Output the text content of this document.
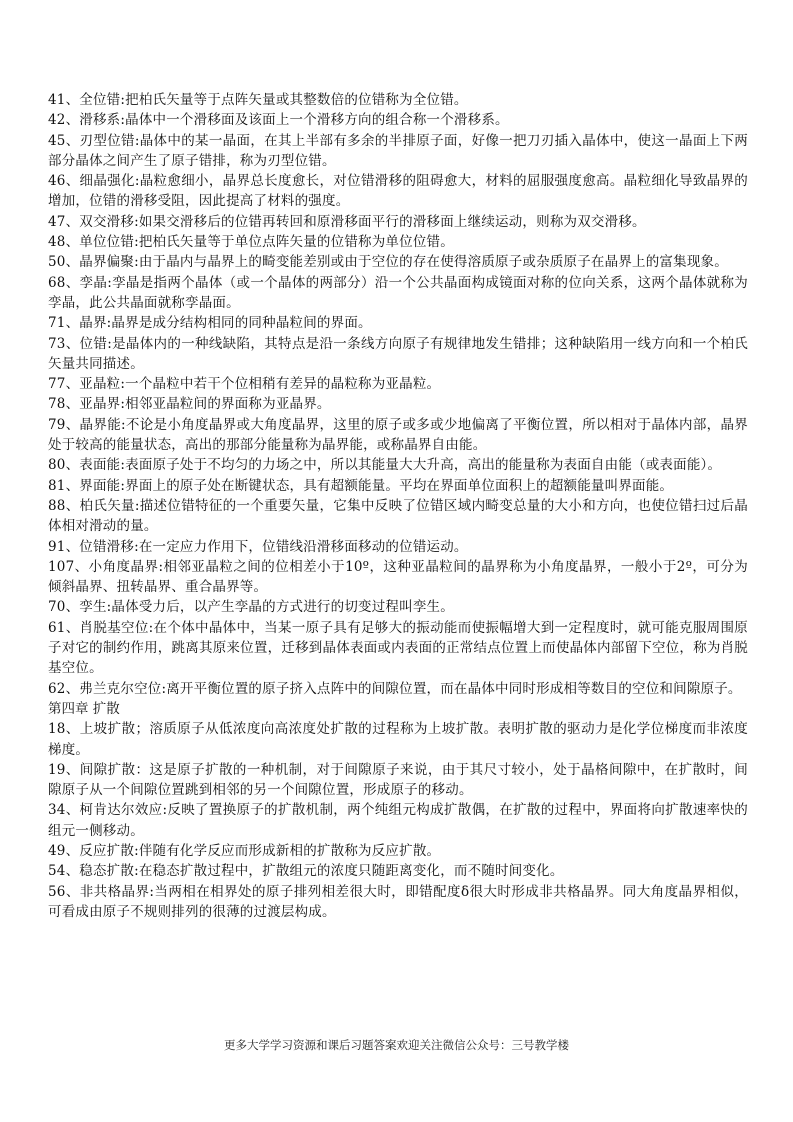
41、全位错:把柏氏矢量等于点阵矢量或其整数倍的位错称为全位错。

42、滑移系:晶体中一个滑移面及该面上一个滑移方向的组合称一个滑移系。

45、刃型位错:晶体中的某一晶面，在其上半部有多余的半排原子面，好像一把刀刃插入晶体中，使这一晶面上下两部分晶体之间产生了原子错排，称为刃型位错。

46、细晶强化:晶粒愈细小，晶界总长度愈长，对位错滑移的阻碍愈大，材料的屈服强度愈高。晶粒细化导致晶界的增加，位错的滑移受阻，因此提高了材料的强度。

47、双交滑移:如果交滑移后的位错再转回和原滑移面平行的滑移面上继续运动，则称为双交滑移。

48、单位位错:把柏氏矢量等于单位点阵矢量的位错称为单位位错。

50、晶界偏聚:由于晶内与晶界上的畸变能差别或由于空位的存在使得溶质原子或杂质原子在晶界上的富集现象。

68、孪晶:孪晶是指两个晶体（或一个晶体的两部分）沿一个公共晶面构成镜面对称的位向关系，这两个晶体就称为孪晶，此公共晶面就称孪晶面。

71、晶界:晶界是成分结构相同的同种晶粒间的界面。

73、位错:是晶体内的一种线缺陷，其特点是沿一条线方向原子有规律地发生错排；这种缺陷用一线方向和一个柏氏矢量共同描述。

77、亚晶粒:一个晶粒中若干个位相稍有差异的晶粒称为亚晶粒。

78、亚晶界:相邻亚晶粒间的界面称为亚晶界。

79、晶界能:不论是小角度晶界或大角度晶界，这里的原子或多或少地偏离了平衡位置，所以相对于晶体内部，晶界处于较高的能量状态，高出的那部分能量称为晶界能，或称晶界自由能。

80、表面能:表面原子处于不均匀的力场之中，所以其能量大大升高，高出的能量称为表面自由能（或表面能）。

81、界面能:界面上的原子处在断键状态，具有超额能量。平均在界面单位面积上的超额能量叫界面能。

88、柏氏矢量:描述位错特征的一个重要矢量，它集中反映了位错区域内畸变总量的大小和方向，也使位错扫过后晶体相对滑动的量。

91、位错滑移:在一定应力作用下，位错线沿滑移面移动的位错运动。

107、小角度晶界:相邻亚晶粒之间的位相差小于10º，这种亚晶粒间的晶界称为小角度晶界，一般小于2º，可分为倾斜晶界、扭转晶界、重合晶界等。

70、孪生:晶体受力后，以产生孪晶的方式进行的切变过程叫孪生。

61、肖脱基空位:在个体中晶体中，当某一原子具有足够大的振动能而使振幅增大到一定程度时，就可能克服周围原子对它的制约作用，跳离其原来位置，迁移到晶体表面或内表面的正常结点位置上而使晶体内部留下空位，称为肖脱基空位。

62、弗兰克尔空位:离开平衡位置的原子挤入点阵中的间隙位置，而在晶体中同时形成相等数目的空位和间隙原子。

第四章 扩散

18、上坡扩散；溶质原子从低浓度向高浓度处扩散的过程称为上坡扩散。表明扩散的驱动力是化学位梯度而非浓度梯度。

19、间隙扩散：这是原子扩散的一种机制，对于间隙原子来说，由于其尺寸较小，处于晶格间隙中，在扩散时，间隙原子从一个间隙位置跳到相邻的另一个间隙位置，形成原子的移动。

34、柯肯达尔效应:反映了置换原子的扩散机制，两个纯组元构成扩散偶，在扩散的过程中，界面将向扩散速率快的组元一侧移动。

49、反应扩散:伴随有化学反应而形成新相的扩散称为反应扩散。

54、稳态扩散:在稳态扩散过程中，扩散组元的浓度只随距离变化，而不随时间变化。

56、非共格晶界:当两相在相界处的原子排列相差很大时，即错配度δ很大时形成非共格晶界。同大角度晶界相似，可看成由原子不规则排列的很薄的过渡层构成。

更多大学学习资源和课后习题答案欢迎关注微信公众号：三号教学楼
